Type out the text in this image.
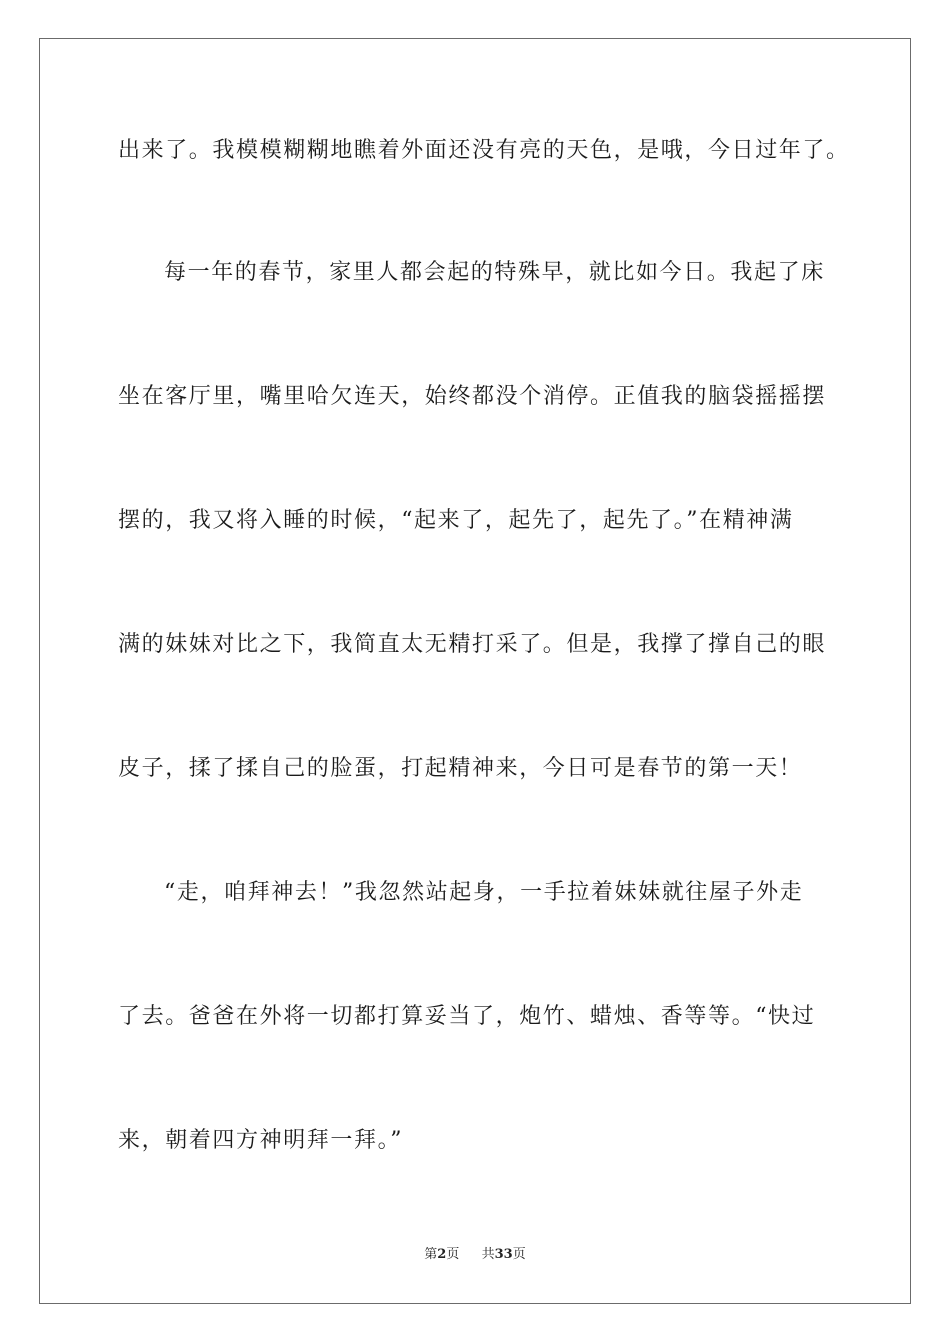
出来了。我模模糊糊地瞧着外面还没有亮的天色，是哦，今日过年了。
每一年的春节，家里人都会起的特殊早，就比如今日。我起了床
坐在客厅里，嘴里哈欠连天，始终都没个消停。正值我的脑袋摇摇摆
摆的，我又将入睡的时候，“起来了，起先了，起先了。”在精神满
满的妹妹对比之下，我简直太无精打采了。但是，我撑了撑自己的眼
皮子，揉了揉自己的脸蛋，打起精神来，今日可是春节的第一天！
“走，咱拜神去！”我忽然站起身，一手拉着妹妹就往屋子外走
了去。爸爸在外将一切都打算妥当了，炮竹、蜡烛、香等等。“快过
来，朝着四方神明拜一拜。”
第2页 共33页
